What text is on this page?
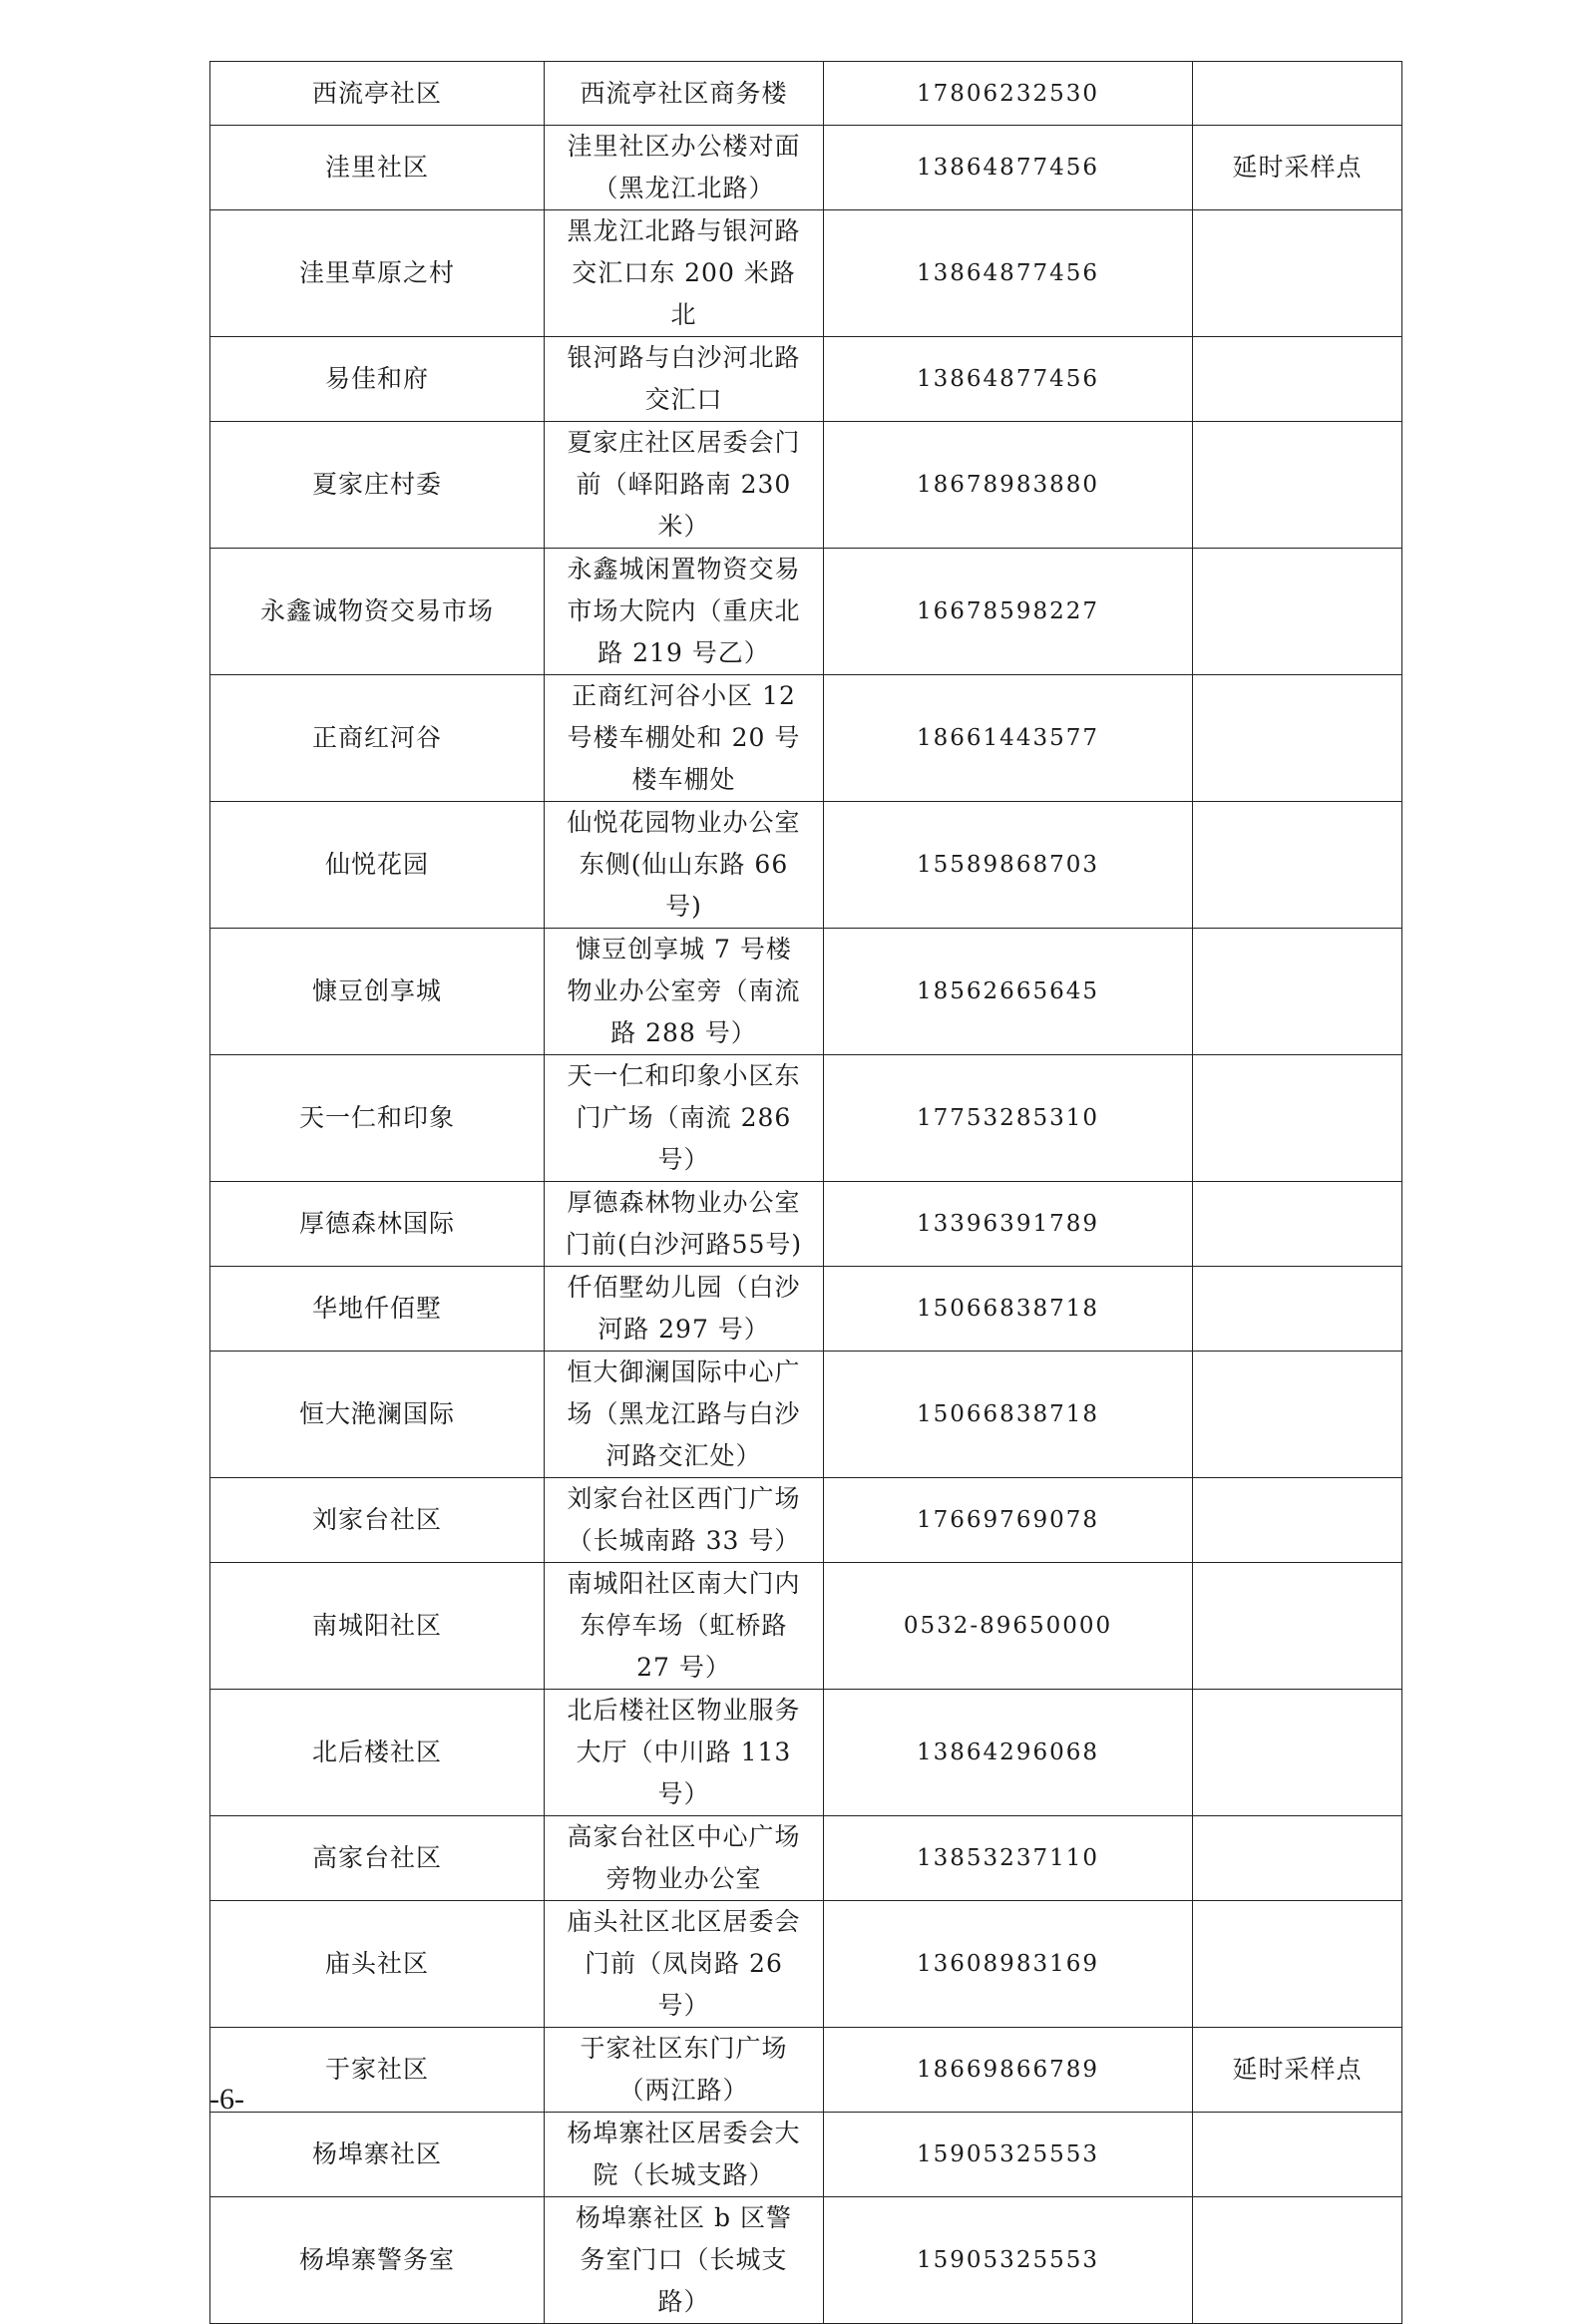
西流亭社区	西流亭社区商务楼	17806232530	
洼里社区	洼里社区办公楼对面（黑龙江北路）	13864877456	延时采样点
洼里草原之村	黑龙江北路与银河路交汇口东 200 米路北	13864877456	
易佳和府	银河路与白沙河北路交汇口	13864877456	
夏家庄村委	夏家庄社区居委会门前（峄阳路南 230 米）	18678983880	
永鑫诚物资交易市场	永鑫城闲置物资交易市场大院内（重庆北路 219 号乙）	16678598227	
正商红河谷	正商红河谷小区 12 号楼车棚处和 20 号楼车棚处	18661443577	
仙悦花园	仙悦花园物业办公室东侧(仙山东路 66 号)	15589868703	
慷豆创享城	慷豆创享城 7 号楼物业办公室旁（南流路 288 号）	18562665645	
天一仁和印象	天一仁和印象小区东门广场（南流 286 号）	17753285310	
厚德森林国际	厚德森林物业办公室门前(白沙河路55号)	13396391789	
华地仟佰墅	仟佰墅幼儿园（白沙河路 297 号）	15066838718	
恒大滟澜国际	恒大御澜国际中心广场（黑龙江路与白沙河路交汇处）	15066838718	
刘家台社区	刘家台社区西门广场（长城南路 33 号）	17669769078	
南城阳社区	南城阳社区南大门内东停车场（虹桥路 27 号）	0532-89650000	
北后楼社区	北后楼社区物业服务大厅（中川路 113 号）	13864296068	
高家台社区	高家台社区中心广场旁物业办公室	13853237110	
庙头社区	庙头社区北区居委会门前（凤岗路 26 号）	13608983169	
于家社区	于家社区东门广场（两江路）	18669866789	延时采样点
杨埠寨社区	杨埠寨社区居委会大院（长城支路）	15905325553	
杨埠寨警务室	杨埠寨社区 b 区警务室门口（长城支路）	15905325553	
-6-
